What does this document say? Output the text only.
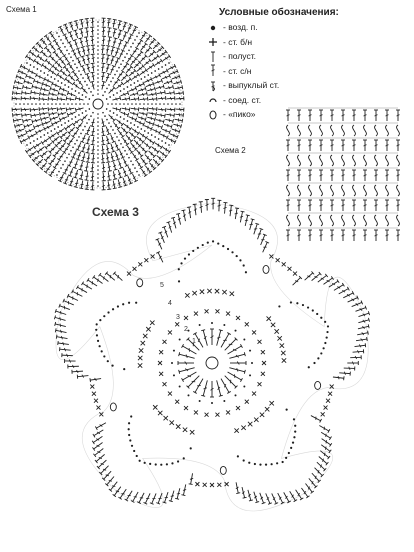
Схема 1	Условные обозначения:
- возд. п.
- ст. б/н
- полуст.
- ст. с/н
- выпуклый ст.
- соед. ст.
- «пико»
Схема 2
Схема 3
5
4
3
2
1
